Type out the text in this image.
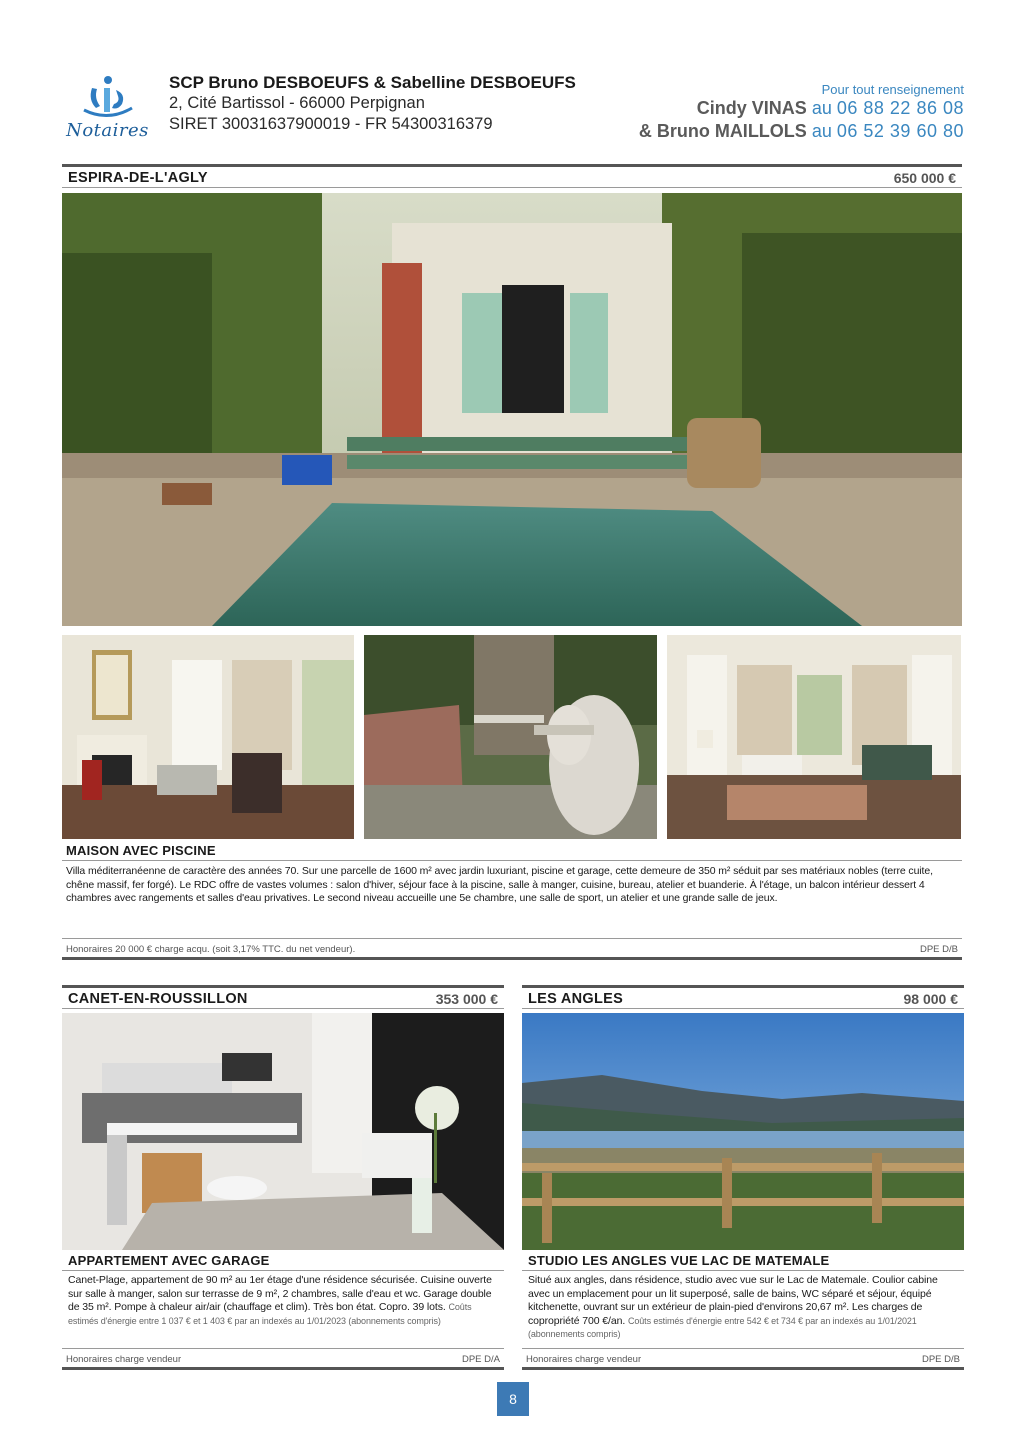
Notaires
SCP Bruno DESBOEUFS & Sabelline DESBOEUFS
2, Cité Bartissol - 66000 Perpignan
SIRET 30031637900019 - FR 54300316379
Pour tout renseignement
Cindy VINAS au 06 88 22 86 08
& Bruno MAILLOLS au 06 52 39 60 80
ESPIRA-DE-L'AGLY	650 000 €
MAISON AVEC PISCINE
Villa méditerranéenne de caractère des années 70. Sur une parcelle de 1600 m² avec jardin luxuriant, piscine et garage, cette demeure de 350 m² séduit par ses matériaux nobles (terre cuite, chêne massif, fer forgé). Le RDC offre de vastes volumes : salon d'hiver, séjour face à la piscine, salle à manger, cuisine, bureau, atelier et buanderie. À l'étage, un balcon intérieur dessert 4 chambres avec rangements et salles d'eau privatives. Le second niveau accueille une 5e chambre, une salle de sport, un atelier et une grande salle de jeux.
Honoraires 20 000 € charge acqu. (soit 3,17% TTC. du net vendeur).	DPE D/B
CANET-EN-ROUSSILLON	353 000 €
APPARTEMENT AVEC GARAGE
Canet-Plage, appartement de 90 m² au 1er étage d'une résidence sécurisée. Cuisine ouverte sur salle à manger, salon sur terrasse de 9 m², 2 chambres, salle d'eau et wc. Garage double de 35 m². Pompe à chaleur air/air (chauffage et clim). Très bon état. Copro. 39 lots. Coûts estimés d'énergie entre 1 037 € et 1 403 € par an indexés au 1/01/2023 (abonnements compris)
Honoraires charge vendeur	DPE D/A
LES ANGLES	98 000 €
STUDIO LES ANGLES VUE LAC DE MATEMALE
Situé aux angles, dans résidence, studio avec vue sur le Lac de Matemale. Coulior cabine avec un emplacement pour un lit superposé, salle de bains, WC séparé et séjour, équipé kitchenette, ouvrant sur un extérieur de plain-pied d'environs 20,67 m². Les charges de copropriété 700 €/an. Coûts estimés d'énergie entre 542 € et 734 € par an indexés au 1/01/2021 (abonnements compris)
Honoraires charge vendeur	DPE D/B
8
